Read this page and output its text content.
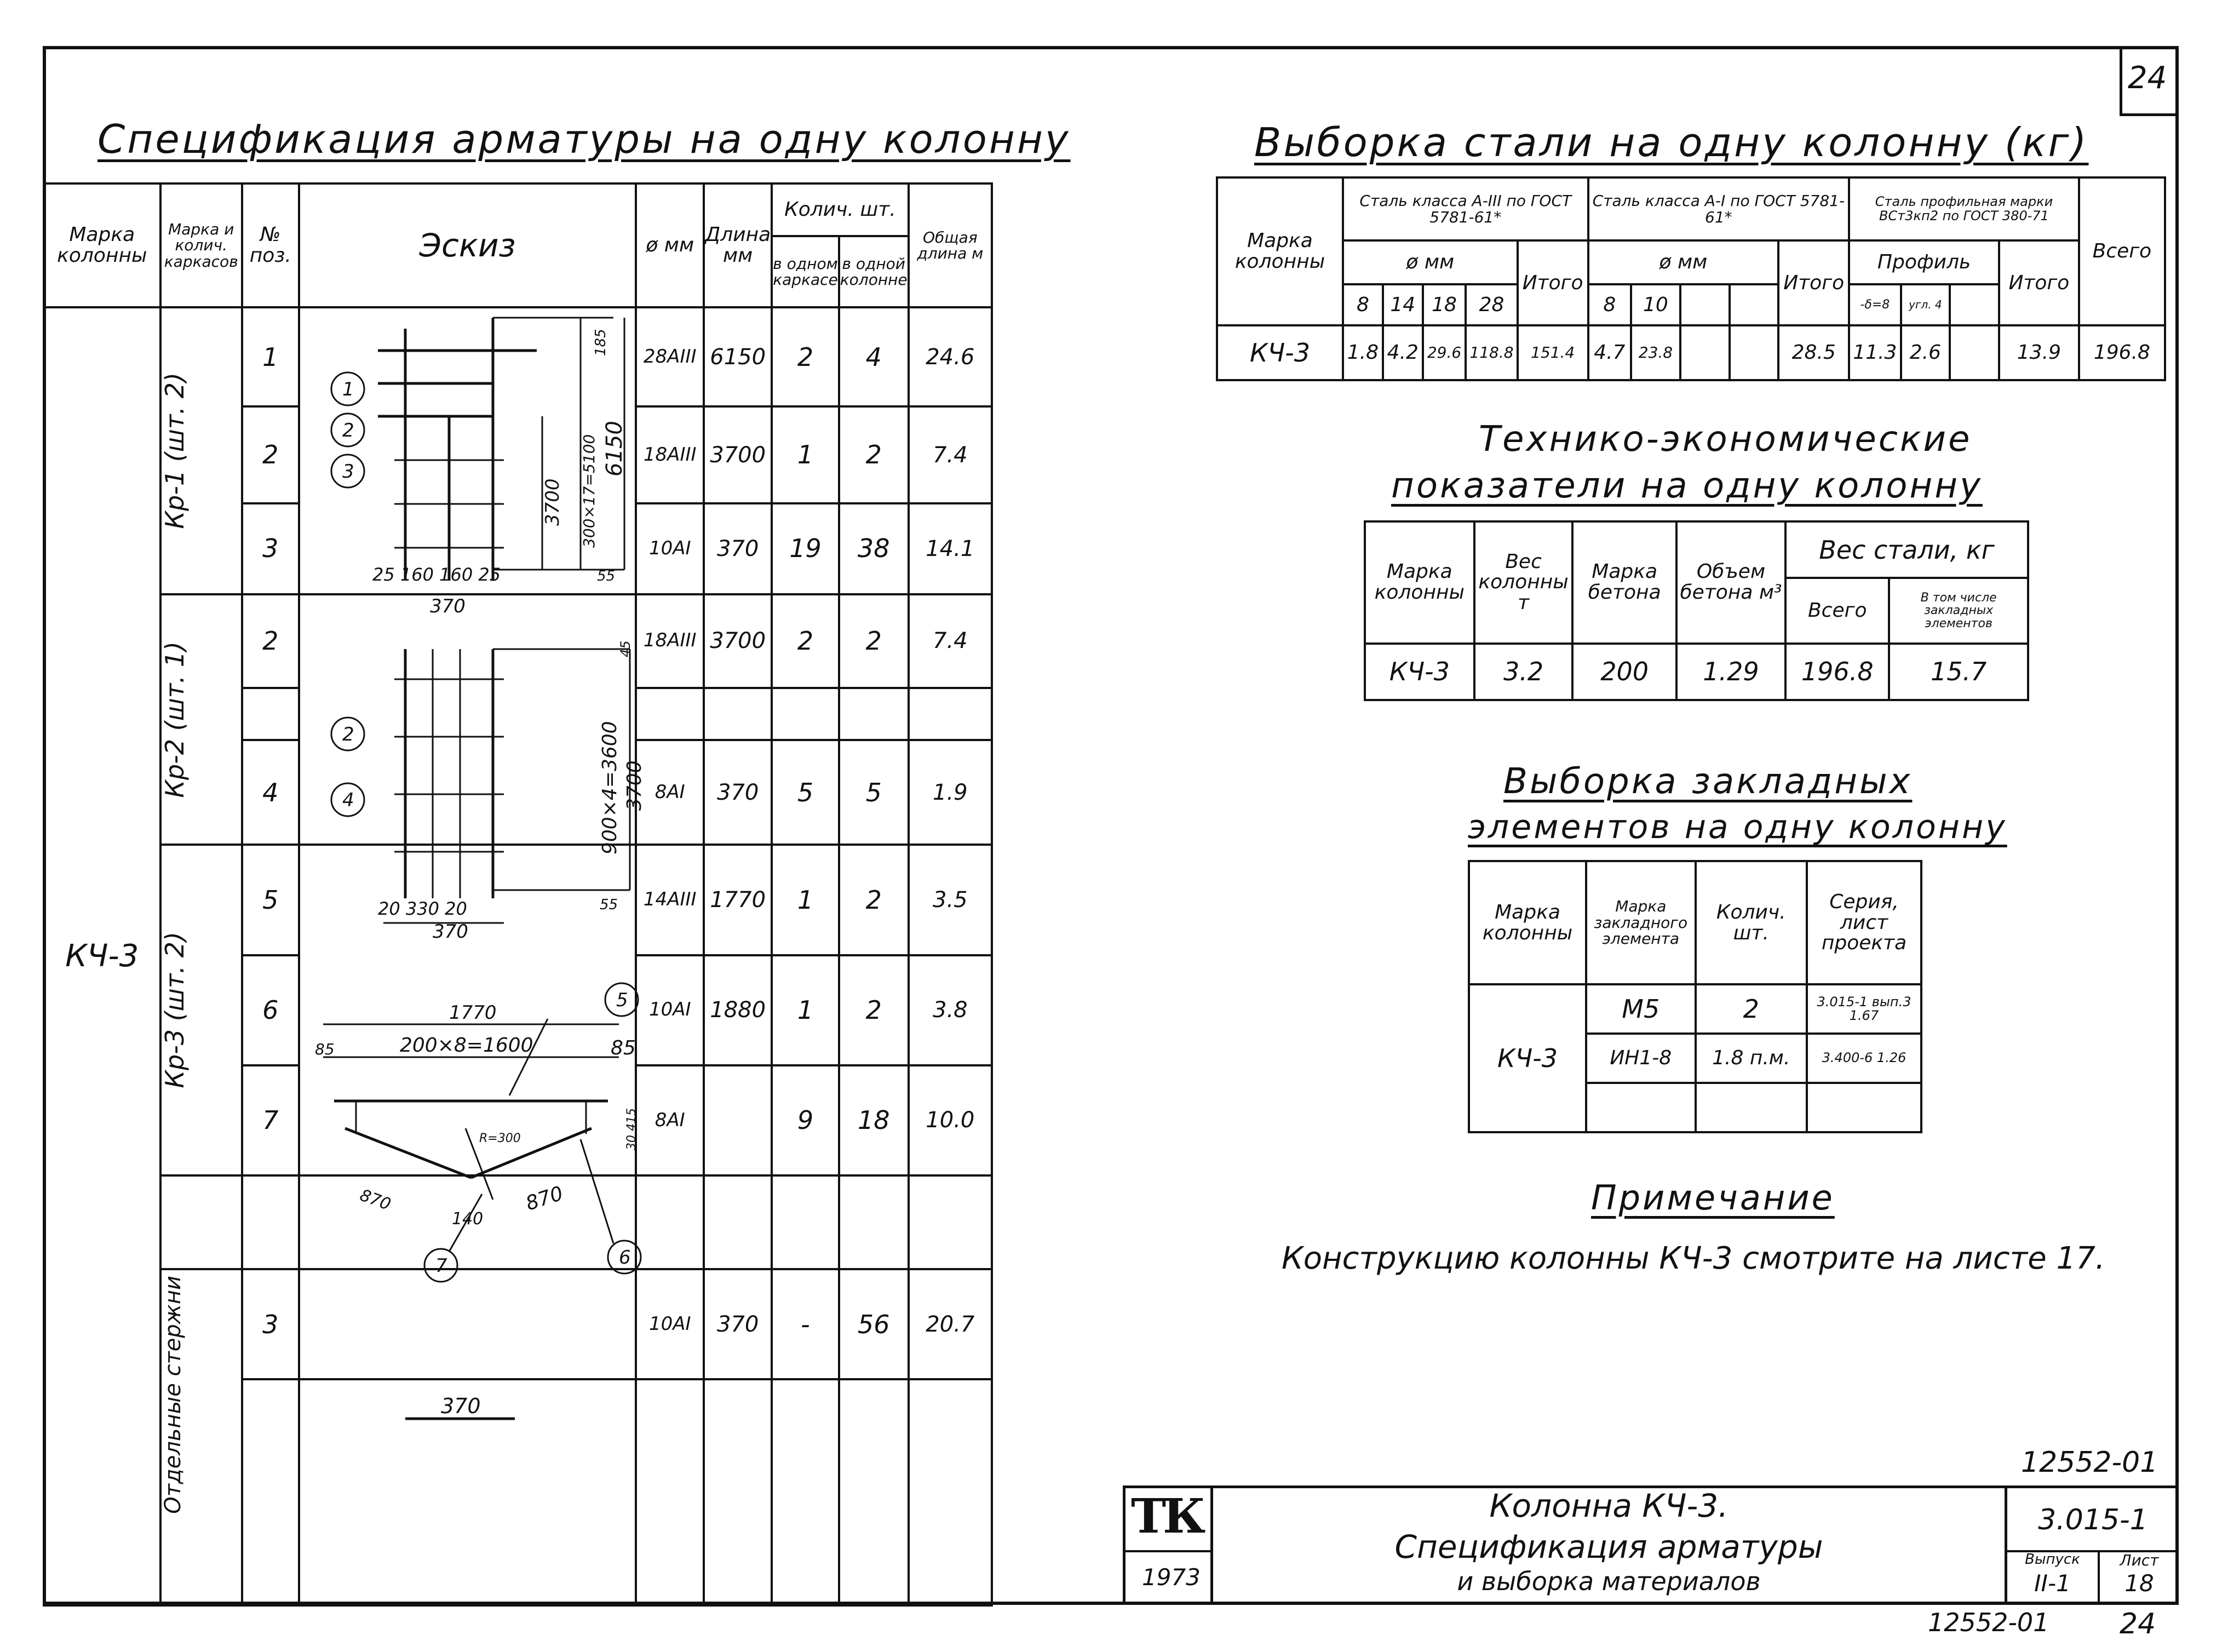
24
Спецификация арматуры на одну колонну
Марка колонны	Марка и колич. каркасов	№ поз.	Эскиз	ø мм	Длина мм	Колич. шт.		Общая длина м
						в одном каркасе	в одной колонне	
КЧ-3	Кр-1 (шт. 2)	1		28AIII	6150	2	4	24.6
		2		18AIII	3700	1	2	7.4
		3		10AI	370	19	38	14.1

	Кр-2 (шт. 1)	2		18AIII	3700	2	2	7.4

		4		8AI	370	5	5	1.9

	Кр-3 (шт. 2)	5		14AIII	1770	1	2	3.5
		6		10AI	1880	1	2	3.8
		7		8AI		9	18	10.0

	Отдельные стержни	3		10AI	370	-	56	20.7

1
2
3	6150
300×17=5100
3700
185
55
25 160 160 25
370
2
4	900×4=3600 3700
45
55
20 330 20
370
5
6
7
1770
200×8=1600
85	85
R=300
870	870
140
30 415
370
Выборка стали на одну колонну (кг)
Марка колонны	Сталь класса А-III по ГОСТ 5781-61*					Сталь класса А-I по ГОСТ 5781-61*					Сталь профильная марки ВСт3кп2 по ГОСТ 380-71				Всего
	ø мм				Итого	ø мм				Итого	Профиль			Итого	
	8	14	18	28		8	10				-δ=8	угл. 4			
КЧ-3	1.8	4.2	29.6	118.8	151.4	4.7	23.8			28.5	11.3	2.6		13.9	196.8
Технико-экономические
показатели на одну колонну
Марка колонны	Вес колонны т	Марка бетона	Объем бетона м³	Вес стали, кг	
				Всего	В том числе закладных элементов
КЧ-3	3.2	200	1.29	196.8	15.7
Выборка закладных
элементов на одну колонну
Марка колонны	Марка закладного элемента	Колич. шт.	Серия, лист проекта
КЧ-3	М5	2	3.015-1 вып.3 1.67
	ИН1-8	1.8 п.м.	3.400-6 1.26

Примечание
Конструкцию колонны КЧ-3 смотрите на листе 17.
12552-01
ТК
1973
Колонна КЧ-3.
Спецификация арматуры
и выборка материалов
3.015-1
Выпуск
II-1
Лист
18
12552-01 24
